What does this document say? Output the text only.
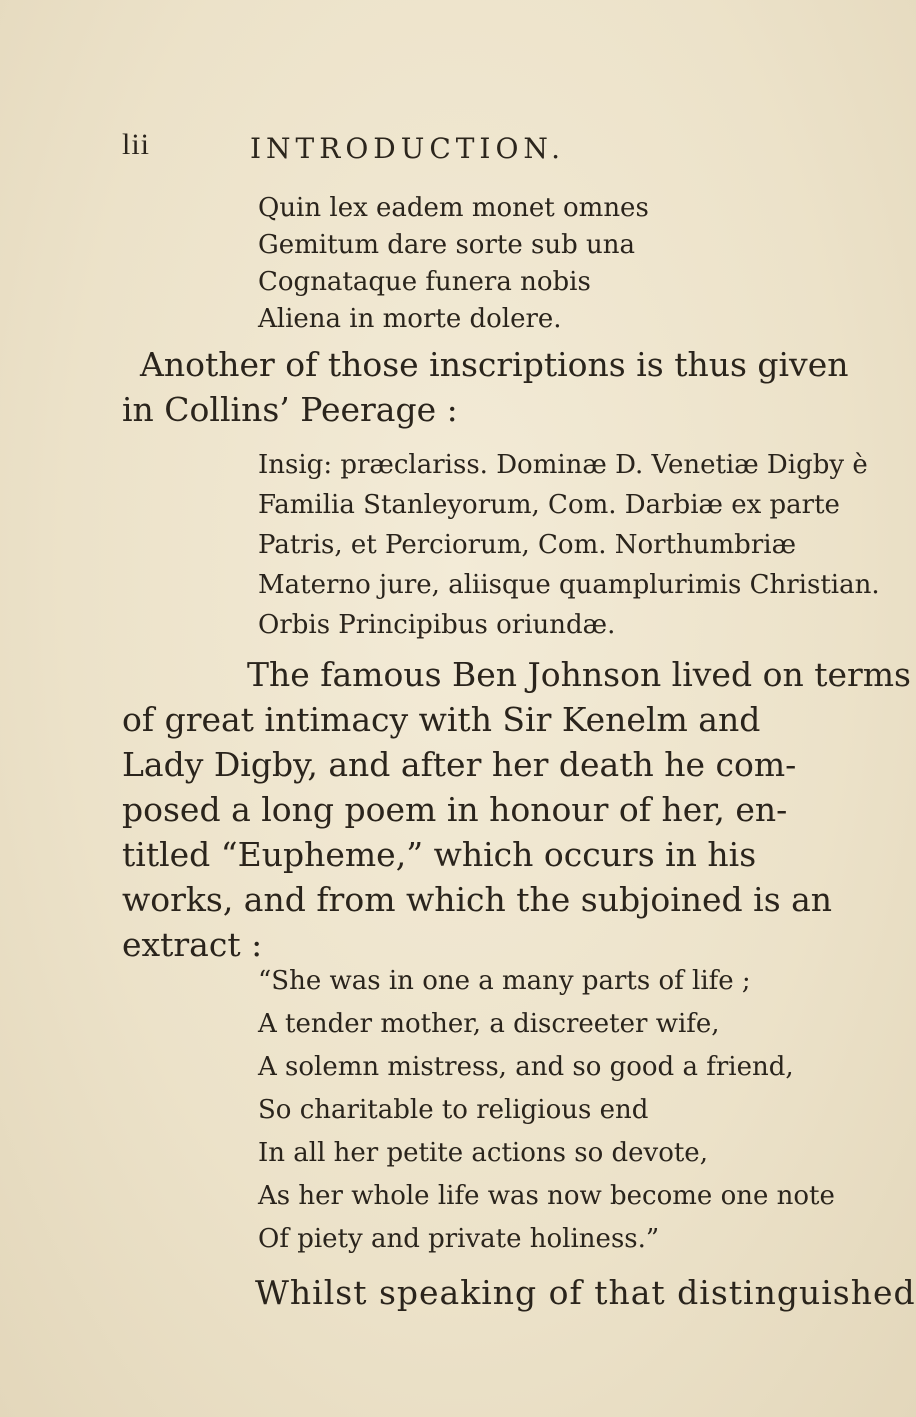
lii	INTRODUCTION.
Quin lex eadem monet omnes
Gemitum dare sorte sub una
Cognataque funera nobis
Aliena in morte dolere.
Another of those inscriptions is thus given
in Collins’ Peerage :
Insig: præclariss. Dominæ D. Venetiæ Digby è
Familia Stanleyorum, Com. Darbiæ ex parte
Patris, et Perciorum, Com. Northumbriæ
Materno jure, aliisque quamplurimis Christian.
Orbis Principibus oriundæ.
The famous Ben Johnson lived on terms
of great intimacy with Sir Kenelm and
Lady Digby, and after her death he com-
posed a long poem in honour of her, en-
titled “Eupheme,” which occurs in his
works, and from which the subjoined is an
extract :
“She was in one a many parts of life ;
A tender mother, a discreeter wife,
A solemn mistress, and so good a friend,
So charitable to religious end
In all her petite actions so devote,
As her whole life was now become one note
Of piety and private holiness.”
Whilst speaking of that distinguished
